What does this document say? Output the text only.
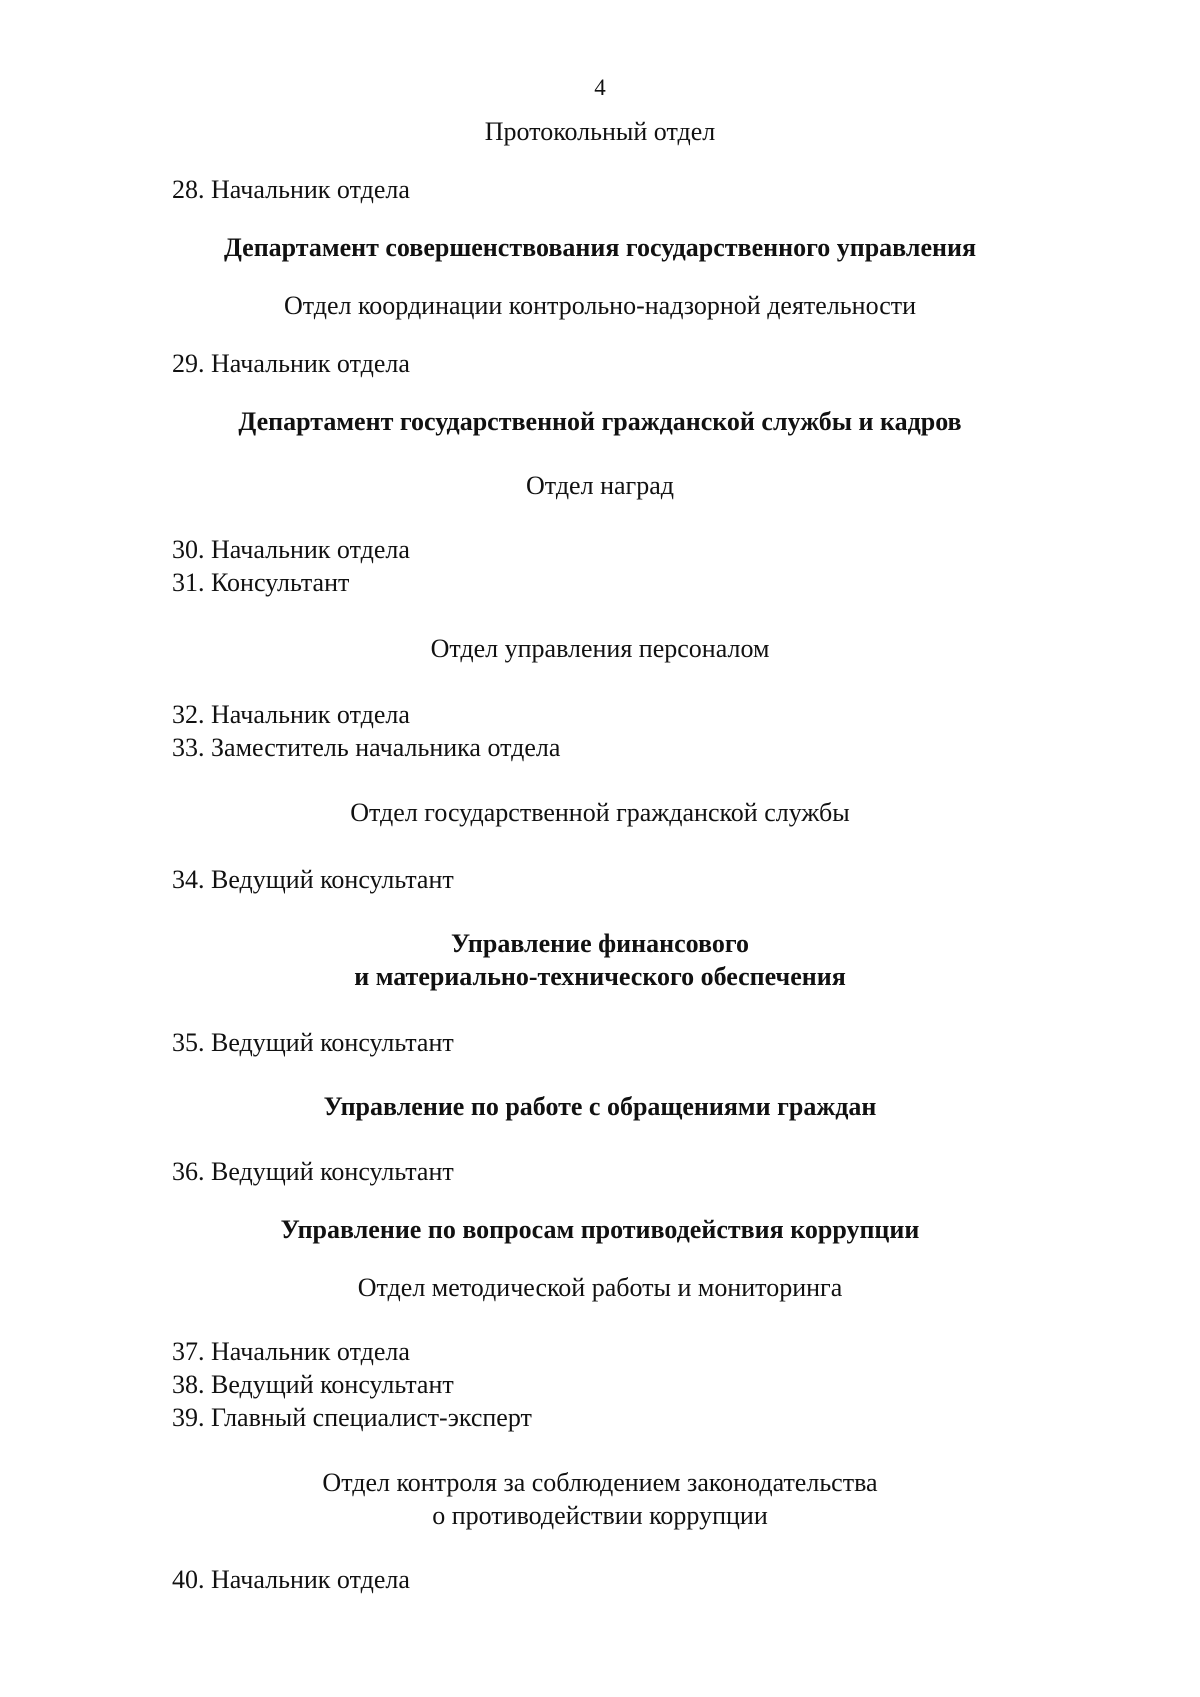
4
Протокольный отдел
28. Начальник отдела
Департамент совершенствования государственного управления
Отдел координации контрольно-надзорной деятельности
29. Начальник отдела
Департамент государственной гражданской службы и кадров
Отдел наград
30. Начальник отдела
31. Консультант
Отдел управления персоналом
32. Начальник отдела
33. Заместитель начальника отдела
Отдел государственной гражданской службы
34. Ведущий консультант
Управление финансового
и материально-технического обеспечения
35. Ведущий консультант
Управление по работе с обращениями граждан
36. Ведущий консультант
Управление по вопросам противодействия коррупции
Отдел методической работы и мониторинга
37. Начальник отдела
38. Ведущий консультант
39. Главный специалист-эксперт
Отдел контроля за соблюдением законодательства
о противодействии коррупции
40. Начальник отдела
